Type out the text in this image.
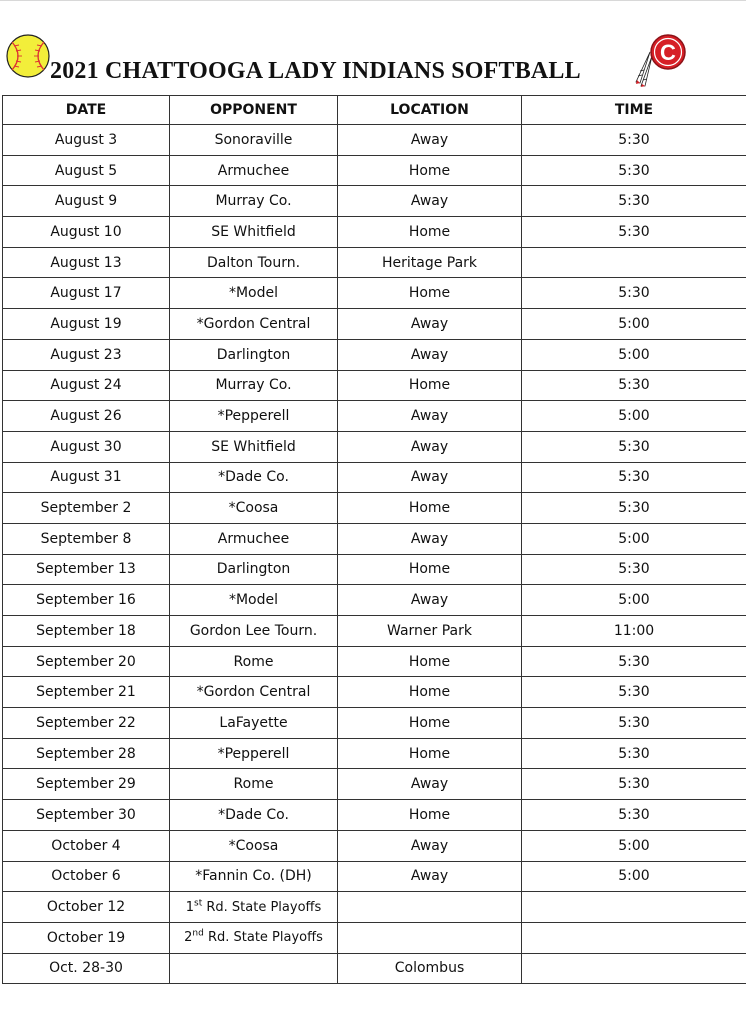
2021 CHATTOOGA LADY INDIANS SOFTBALL
C
DATE	OPPONENT	LOCATION	TIME
August 3	Sonoraville	Away	5:30
August 5	Armuchee	Home	5:30
August 9	Murray Co.	Away	5:30
August 10	SE Whitfield	Home	5:30
August 13	Dalton Tourn.	Heritage Park	
August 17	*Model	Home	5:30
August 19	*Gordon Central	Away	5:00
August 23	Darlington	Away	5:00
August 24	Murray Co.	Home	5:30
August 26	*Pepperell	Away	5:00
August 30	SE Whitfield	Away	5:30
August 31	*Dade Co.	Away	5:30
September 2	*Coosa	Home	5:30
September 8	Armuchee	Away	5:00
September 13	Darlington	Home	5:30
September 16	*Model	Away	5:00
September 18	Gordon Lee Tourn.	Warner Park	11:00
September 20	Rome	Home	5:30
September 21	*Gordon Central	Home	5:30
September 22	LaFayette	Home	5:30
September 28	*Pepperell	Home	5:30
September 29	Rome	Away	5:30
September 30	*Dade Co.	Home	5:30
October 4	*Coosa	Away	5:00
October 6	*Fannin Co. (DH)	Away	5:00
October 12	1st Rd. State Playoffs		
October 19	2nd Rd. State Playoffs		
Oct. 28-30		Colombus	
